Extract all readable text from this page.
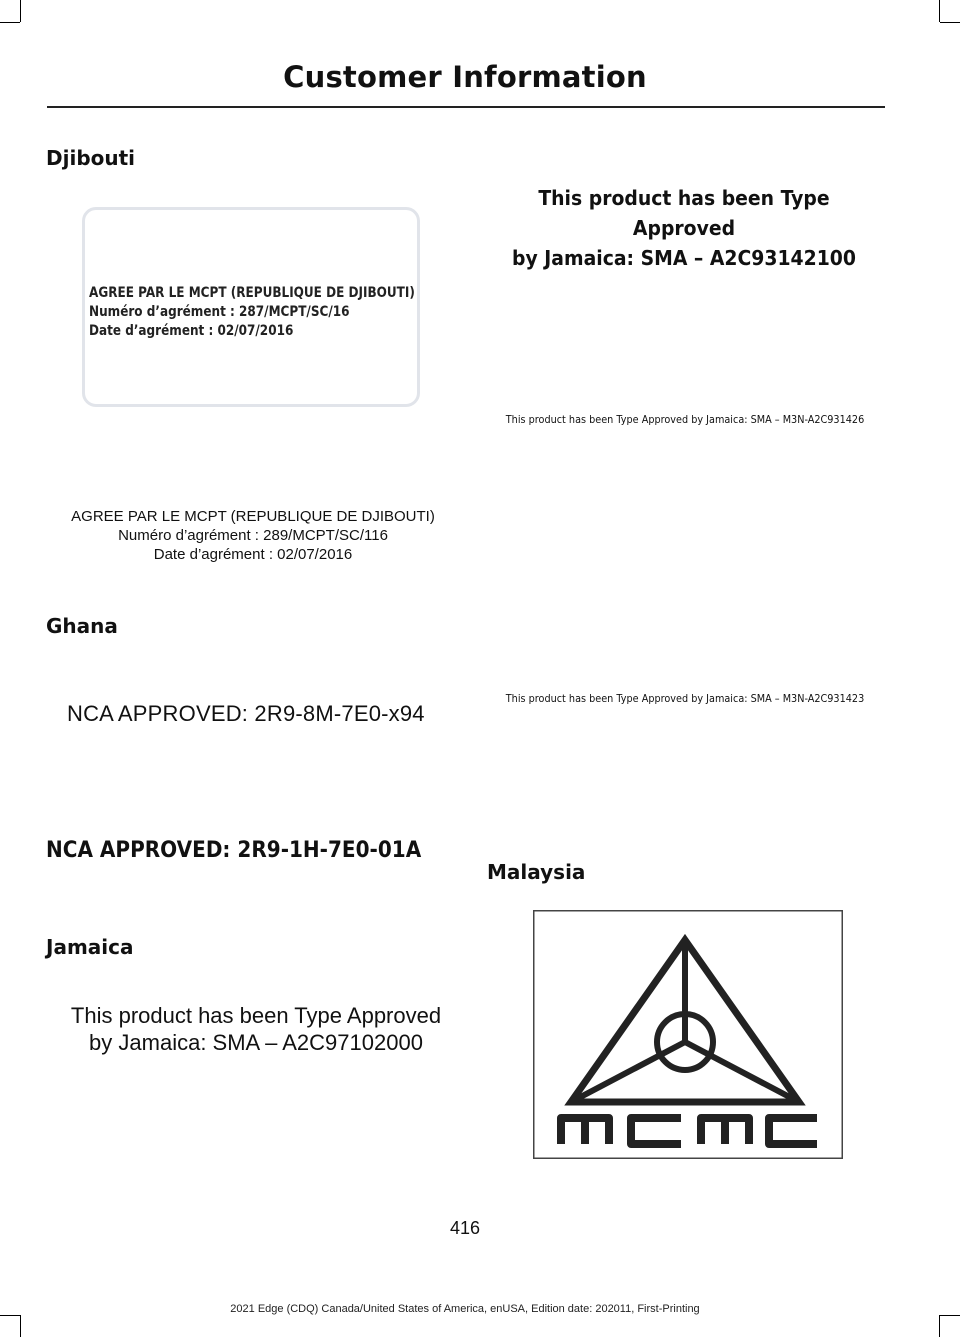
Customer Information
Djibouti
AGREE PAR LE MCPT (REPUBLIQUE DE DJIBOUTI)
Numéro d’agrément : 287/MCPT/SC/16
Date d’agrément : 02/07/2016
AGREE PAR LE MCPT (REPUBLIQUE DE DJIBOUTI)
Numéro d’agrément : 289/MCPT/SC/116
Date d’agrément : 02/07/2016
Ghana
NCA APPROVED: 2R9-8M-7E0-x94
NCA APPROVED: 2R9-1H-7E0-01A
Jamaica
This product has been Type Approved
by Jamaica: SMA – A2C97102000
This product has been Type Approved
by Jamaica: SMA – A2C93142100
This product has been Type Approved by Jamaica: SMA – M3N-A2C931426
This product has been Type Approved by Jamaica: SMA – M3N-A2C931423
Malaysia
416
2021 Edge (CDQ) Canada/United States of America, enUSA, Edition date: 202011, First-Printing
